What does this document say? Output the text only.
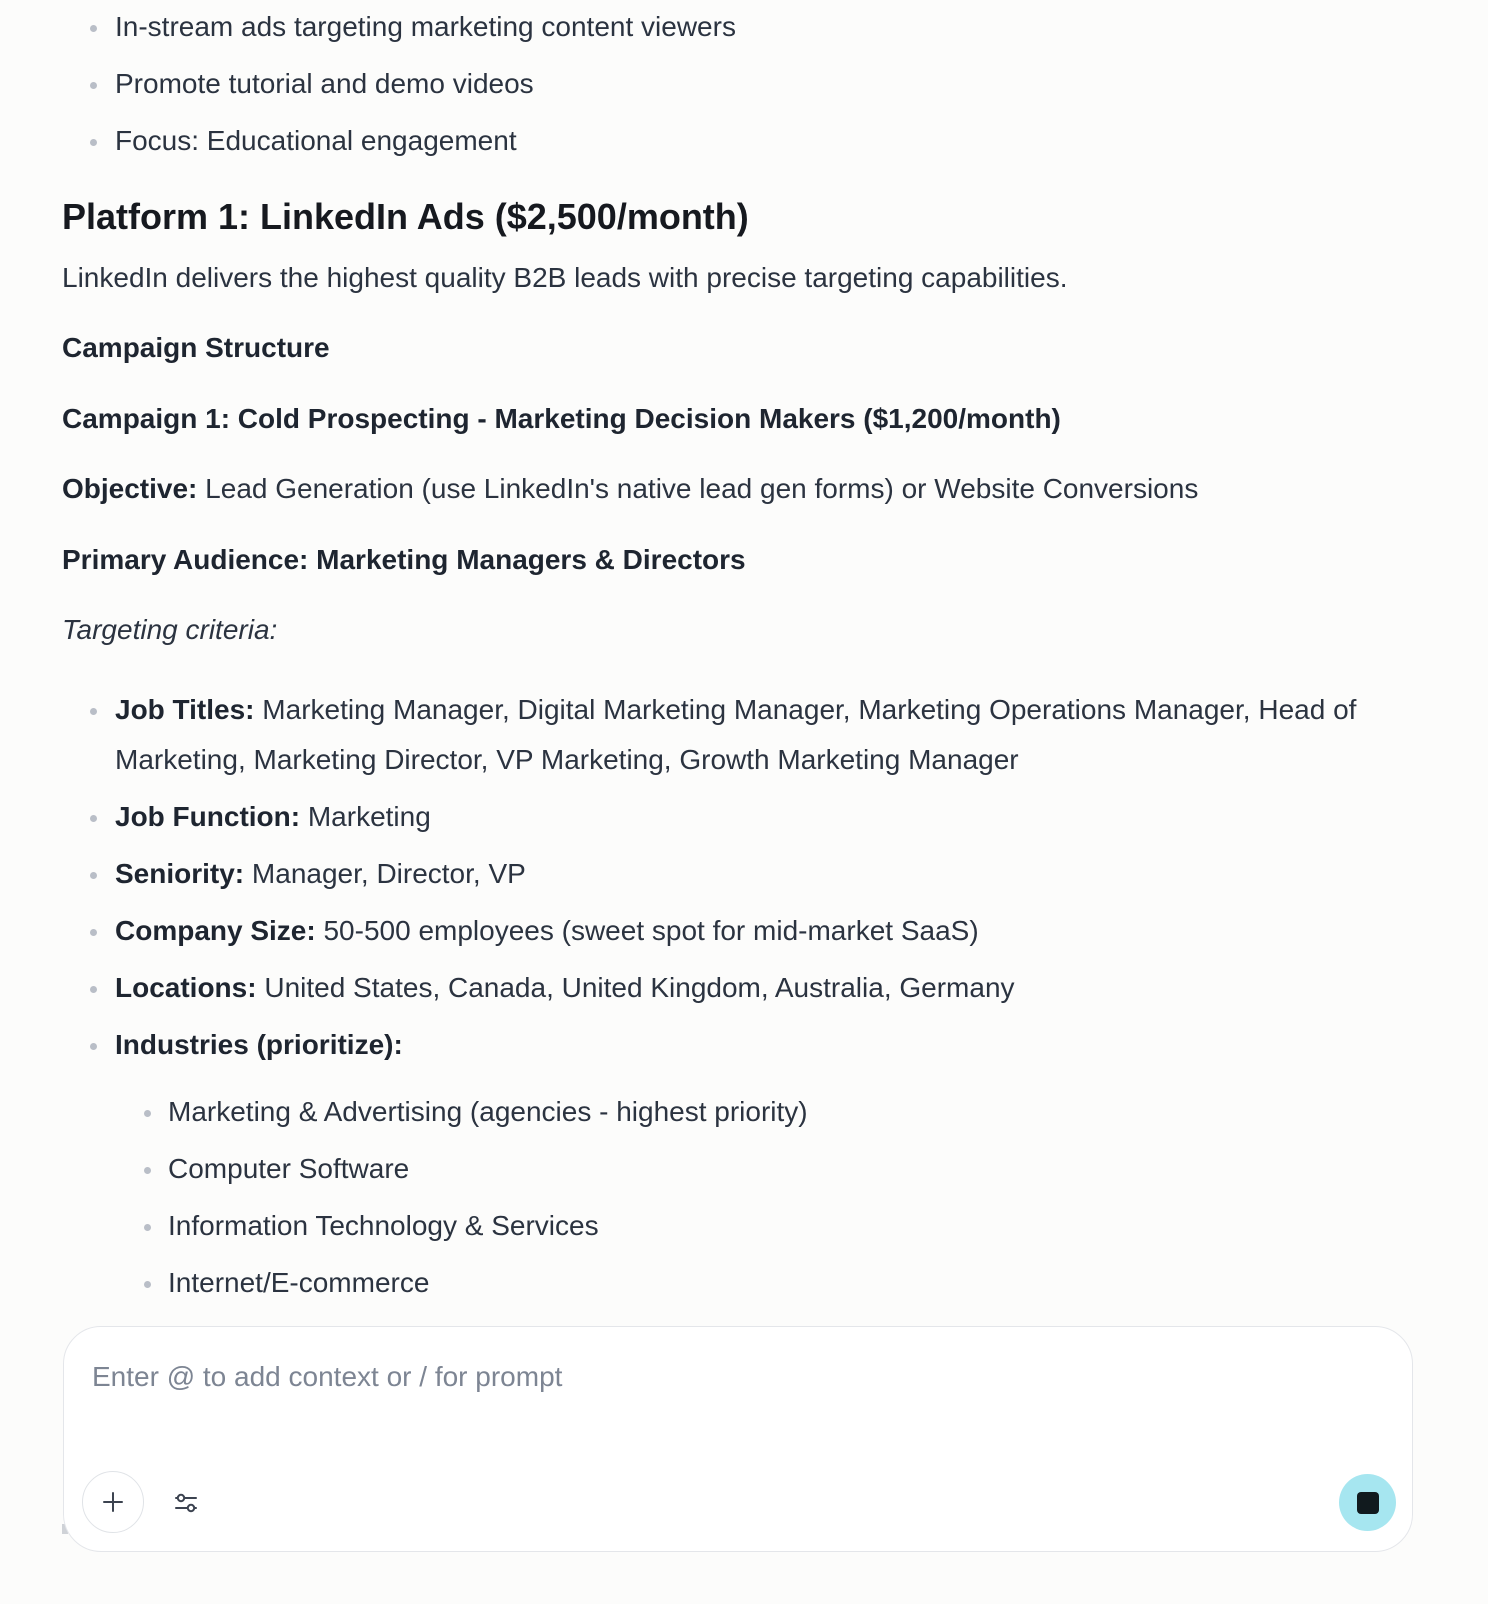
In-stream ads targeting marketing content viewers
Promote tutorial and demo videos
Focus: Educational engagement
Platform 1: LinkedIn Ads ($2,500/month)

LinkedIn delivers the highest quality B2B leads with precise targeting capabilities.

Campaign Structure

Campaign 1: Cold Prospecting - Marketing Decision Makers ($1,200/month)

Objective: Lead Generation (use LinkedIn's native lead gen forms) or Website Conversions

Primary Audience: Marketing Managers & Directors

Targeting criteria:

Job Titles: Marketing Manager, Digital Marketing Manager, Marketing Operations Manager, Head of Marketing, Marketing Director, VP Marketing, Growth Marketing Manager
Job Function: Marketing
Seniority: Manager, Director, VP
Company Size: 50-500 employees (sweet spot for mid-market SaaS)
Locations: United States, Canada, United Kingdom, Australia, Germany
Industries (prioritize):
Marketing & Advertising (agencies - highest priority)
Computer Software
Information Technology & Services
Internet/E-commerce
Enter @ to add context or / for prompt
